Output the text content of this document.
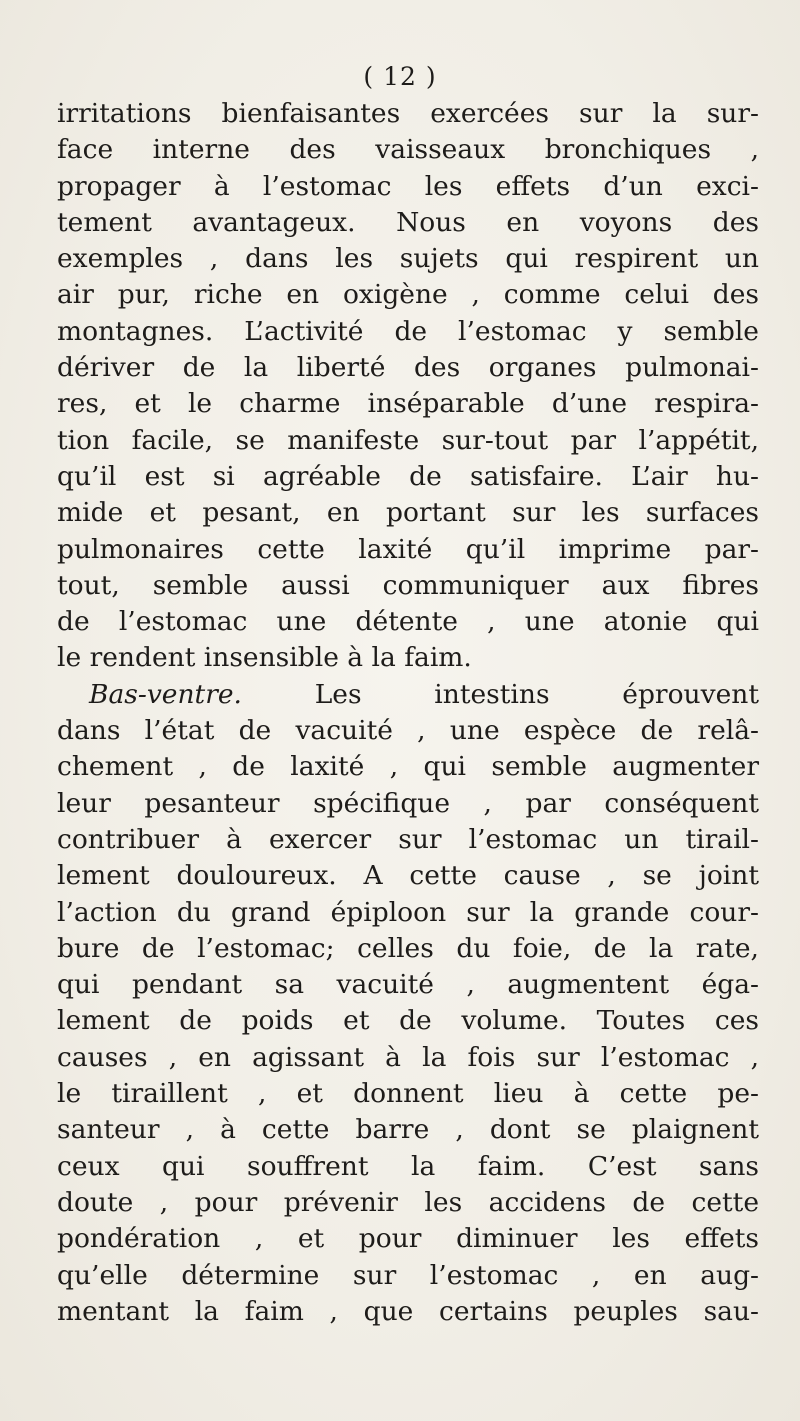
( 12 )
irritations bienfaisantes exercées sur la sur-
face interne des vaisseaux bronchiques ,
propager à l’estomac les effets d’un exci-
tement avantageux. Nous en voyons des
exemples , dans les sujets qui respirent un
air pur, riche en oxigène , comme celui des
montagnes. L’activité de l’estomac y semble
dériver de la liberté des organes pulmonai-
res, et le charme inséparable d’une respira-
tion facile, se manifeste sur-tout par l’appétit,
qu’il est si agréable de satisfaire. L’air hu-
mide et pesant, en portant sur les surfaces
pulmonaires cette laxité qu’il imprime par-
tout, semble aussi communiquer aux fibres
de l’estomac une détente , une atonie qui
le rendent insensible à la faim.
Bas-ventre.	Les intestins éprouvent
dans l’état de vacuité , une espèce de relâ-
chement , de laxité , qui semble augmenter
leur pesanteur spécifique , par conséquent
contribuer à exercer sur l’estomac un tirail-
lement douloureux. A cette cause , se joint
l’action du grand épiploon sur la grande cour-
bure de l’estomac; celles du foie, de la rate,
qui pendant sa vacuité , augmentent éga-
lement de poids et de volume. Toutes ces
causes , en agissant à la fois sur l’estomac ,
le tiraillent , et donnent lieu à cette pe-
santeur , à cette barre , dont se plaignent
ceux qui souffrent la faim. C’est sans
doute , pour prévenir les accidens de cette
pondération , et pour diminuer les effets
qu’elle détermine sur l’estomac , en aug-
mentant la faim , que certains peuples sau-
